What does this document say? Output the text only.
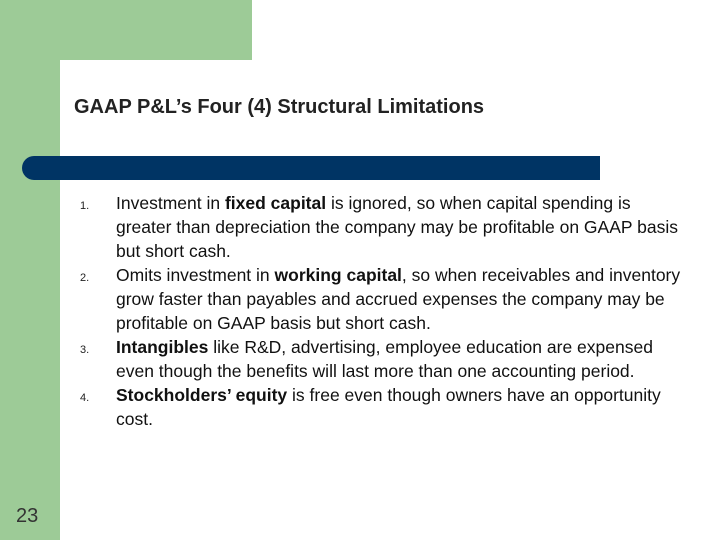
GAAP P&L’s Four (4) Structural Limitations
1.	Investment in fixed capital is ignored, so when capital spending is greater than depreciation the company may be profitable on GAAP basis but short cash.
2.	Omits investment in working capital, so when receivables and inventory grow faster than payables and accrued expenses the company may be profitable on GAAP basis but short cash.
3.	Intangibles like R&D, advertising, employee education are expensed even though the benefits will last more than one accounting period.
4.	Stockholders’ equity is free even though owners have an opportunity cost.
23
